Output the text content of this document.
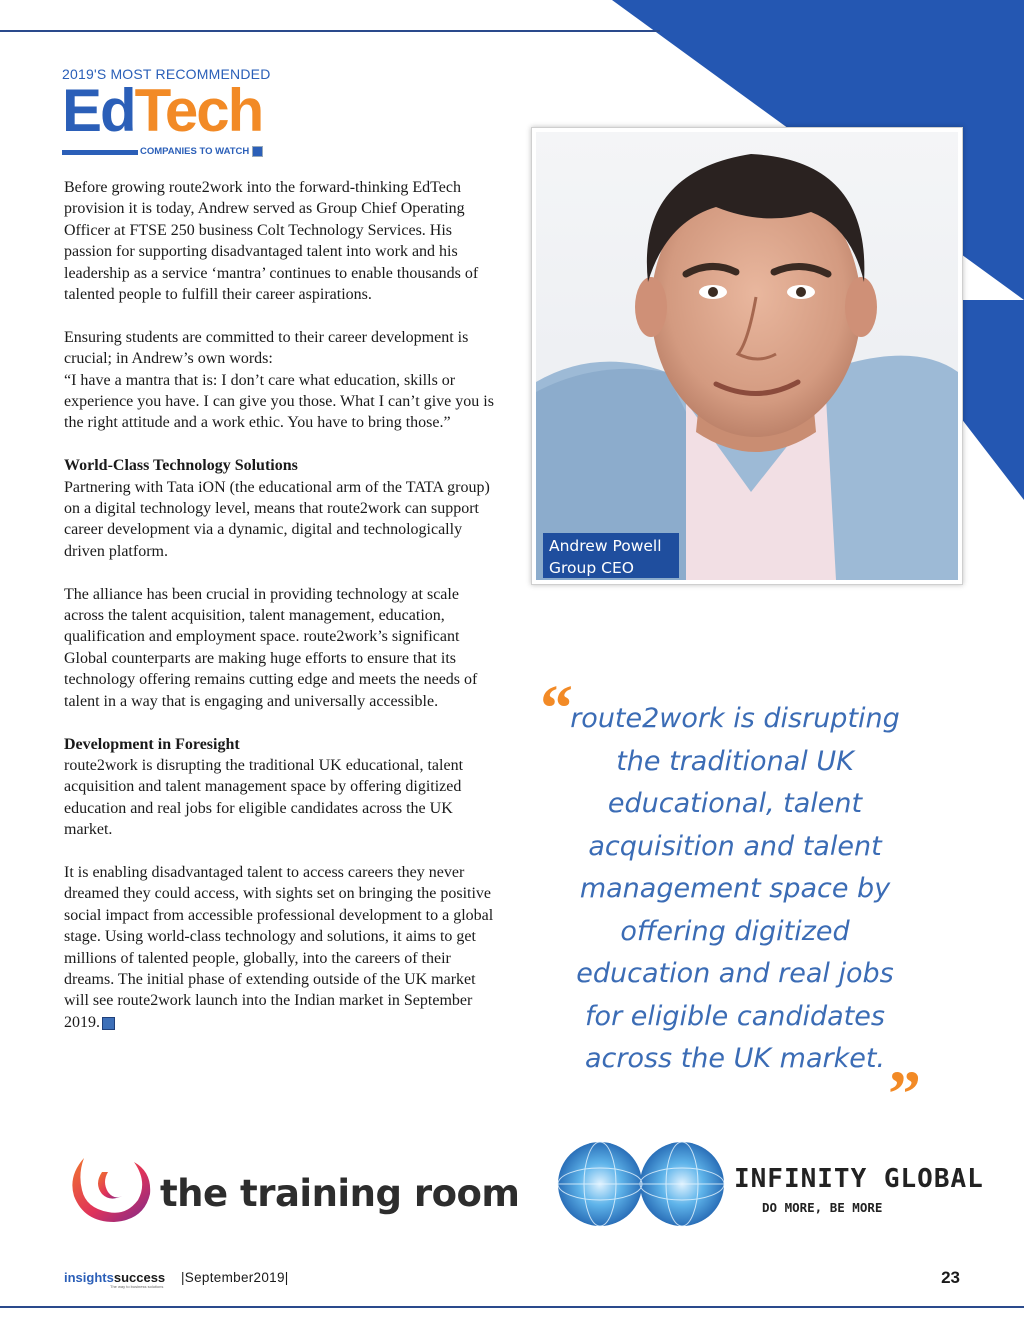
2019'S MOST RECOMMENDED
EdTech
COMPANIES TO WATCH

Before growing route2work into the forward-thinking EdTech provision it is today, Andrew served as Group Chief Operating Officer at FTSE 250 business Colt Technology Services. His passion for supporting disadvantaged talent into work and his leadership as a service ‘mantra’ continues to enable thousands of talented people to fulfill their career aspirations.

Ensuring students are committed to their career development is crucial; in Andrew’s own words:
“I have a mantra that is: I don’t care what education, skills or experience you have. I can give you those. What I can’t give you is the right attitude and a work ethic. You have to bring those.”

World-Class Technology Solutions

Partnering with Tata iON (the educational arm of the TATA group) on a digital technology level, means that route2work can support career development via a dynamic, digital and technologically driven platform.

The alliance has been crucial in providing technology at scale across the talent acquisition, talent management, education, qualification and employment space. route2work’s significant Global counterparts are making huge efforts to ensure that its technology offering remains cutting edge and meets the needs of talent in a way that is engaging and universally accessible.

Development in Foresight

route2work is disrupting the traditional UK educational, talent acquisition and talent management space by offering digitized education and real jobs for eligible candidates across the UK market.

It is enabling disadvantaged talent to access careers they never dreamed they could access, with sights set on bringing the positive social impact from accessible professional development to a global stage. Using world-class technology and solutions, it aims to get millions of talented people, globally, into the careers of their dreams. The initial phase of extending outside of the UK market will see route2work launch into the Indian market in September 2019.

Andrew Powell
Group CEO
“
route2work is disrupting the traditional UK educational, talent acquisition and talent management space by offering digitized education and real jobs for eligible candidates across the UK market. ”
the training room	INFINITY GLOBAL
DO MORE, BE MORE
insightssuccess
The way to business solutions
|September2019|	23
